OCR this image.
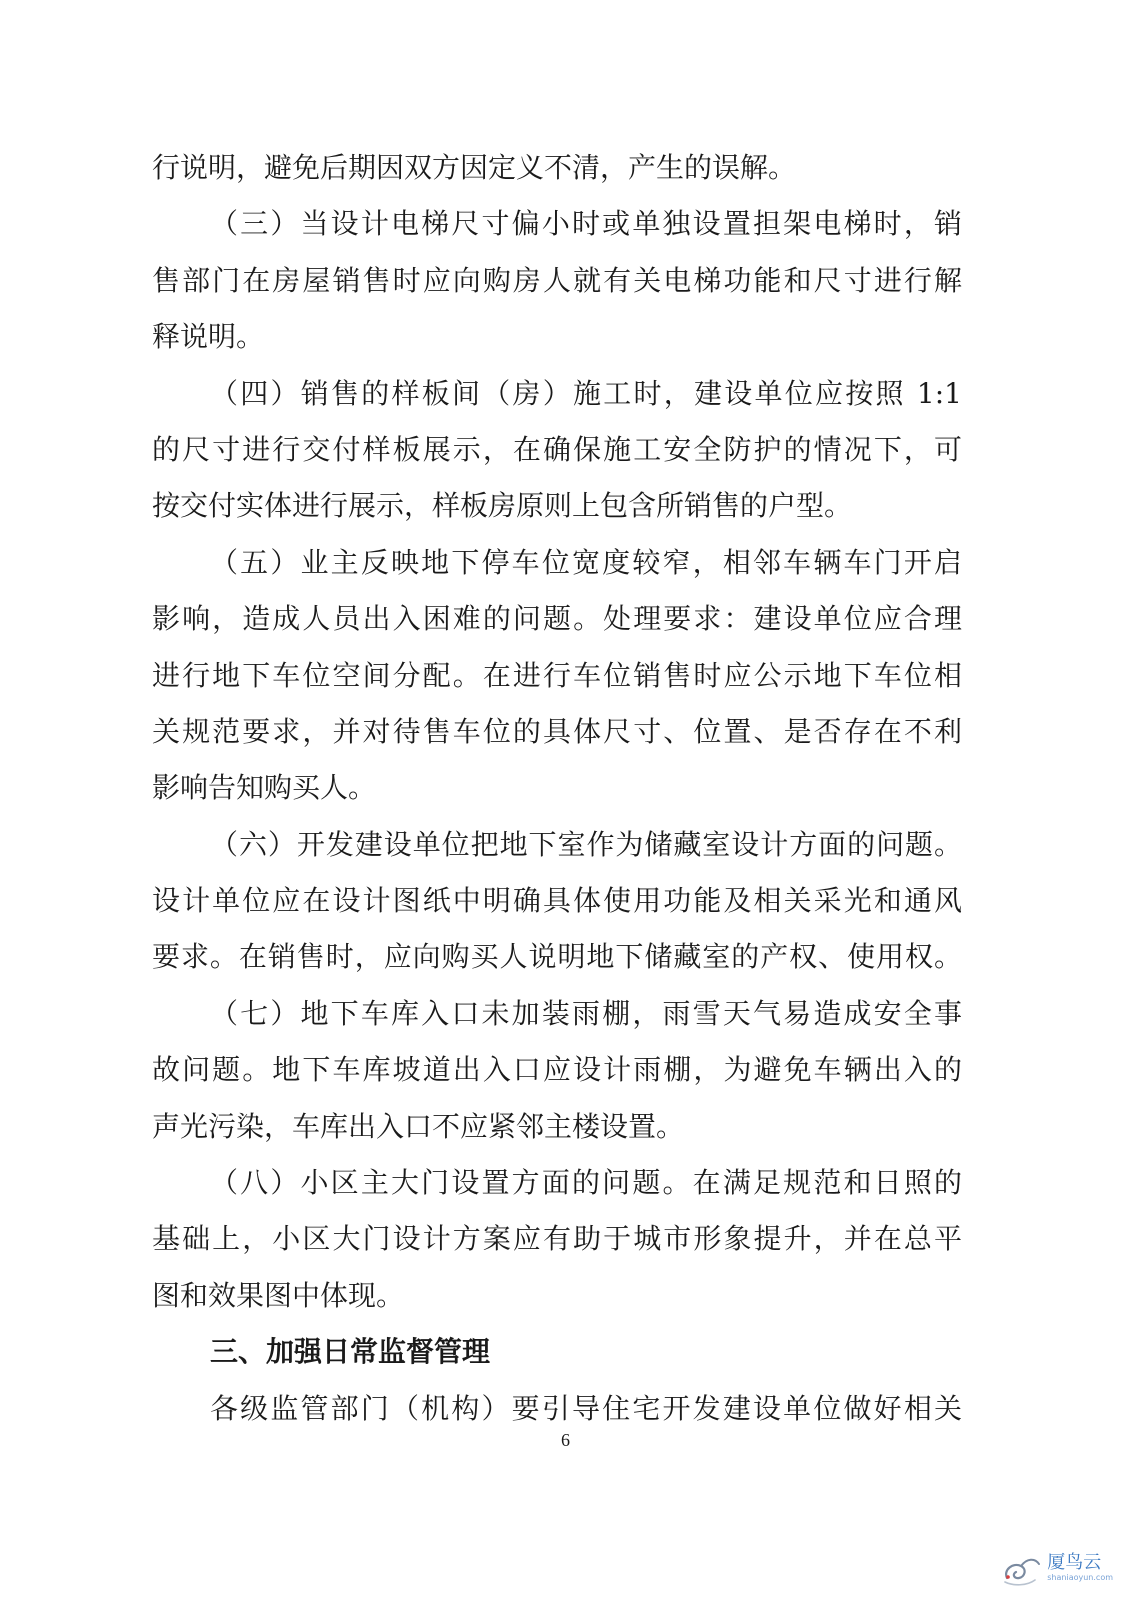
行说明，避免后期因双方因定义不清，产生的误解。
（三）当设计电梯尺寸偏小时或单独设置担架电梯时，销
售部门在房屋销售时应向购房人就有关电梯功能和尺寸进行解
释说明。
（四）销售的样板间（房）施工时，建设单位应按照 1:1
的尺寸进行交付样板展示，在确保施工安全防护的情况下，可
按交付实体进行展示，样板房原则上包含所销售的户型。
（五）业主反映地下停车位宽度较窄，相邻车辆车门开启
影响，造成人员出入困难的问题。处理要求：建设单位应合理
进行地下车位空间分配。在进行车位销售时应公示地下车位相
关规范要求，并对待售车位的具体尺寸、位置、是否存在不利
影响告知购买人。
（六）开发建设单位把地下室作为储藏室设计方面的问题。
设计单位应在设计图纸中明确具体使用功能及相关采光和通风
要求。在销售时，应向购买人说明地下储藏室的产权、使用权。
（七）地下车库入口未加装雨棚，雨雪天气易造成安全事
故问题。地下车库坡道出入口应设计雨棚，为避免车辆出入的
声光污染，车库出入口不应紧邻主楼设置。
（八）小区主大门设置方面的问题。在满足规范和日照的
基础上，小区大门设计方案应有助于城市形象提升，并在总平
图和效果图中体现。
三、加强日常监督管理
各级监管部门（机构）要引导住宅开发建设单位做好相关
6
厦鸟云
shaniaoyun.com
